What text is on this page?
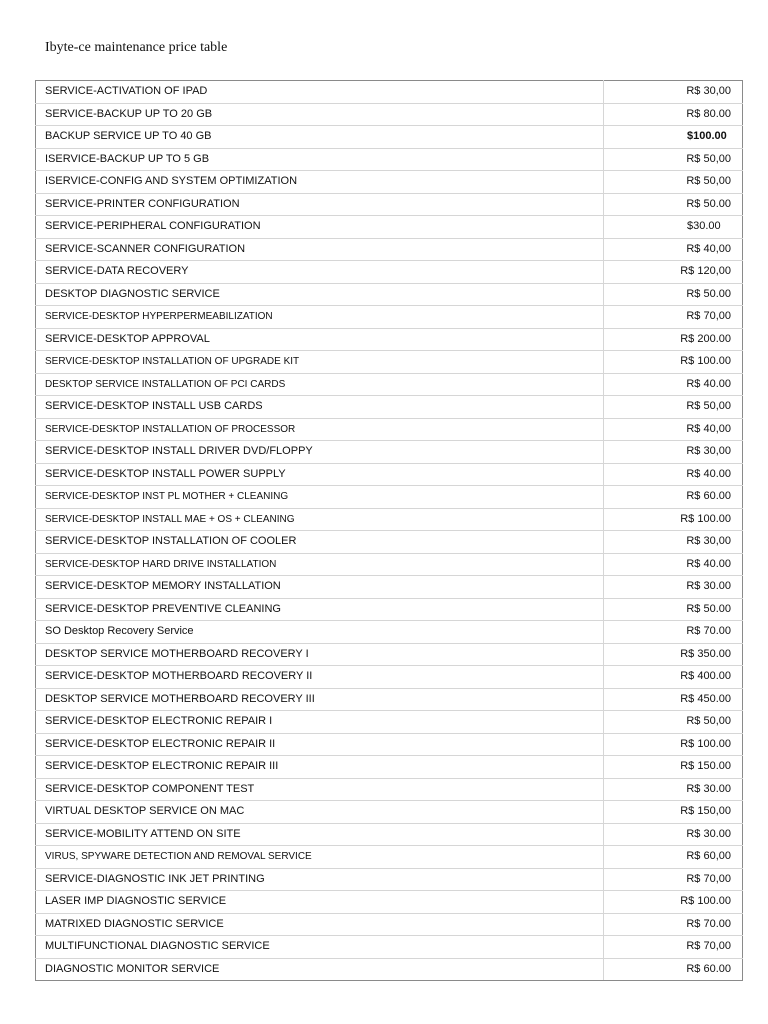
Ibyte-ce maintenance price table
SERVICE-ACTIVATION OF IPAD	R$ 30,00
SERVICE-BACKUP UP TO 20 GB	R$ 80.00
BACKUP SERVICE UP TO 40 GB	$100.00
ISERVICE-BACKUP UP TO 5 GB	R$ 50,00
ISERVICE-CONFIG AND SYSTEM OPTIMIZATION	R$ 50,00
SERVICE-PRINTER CONFIGURATION	R$ 50.00
SERVICE-PERIPHERAL CONFIGURATION	$30.00
SERVICE-SCANNER CONFIGURATION	R$ 40,00
SERVICE-DATA RECOVERY	R$ 120,00
DESKTOP DIAGNOSTIC SERVICE	R$ 50.00
SERVICE-DESKTOP HYPERPERMEABILIZATION	R$ 70,00
SERVICE-DESKTOP APPROVAL	R$ 200.00
SERVICE-DESKTOP INSTALLATION OF UPGRADE KIT	R$ 100.00
DESKTOP SERVICE INSTALLATION OF PCI CARDS	R$ 40.00
SERVICE-DESKTOP INSTALL USB CARDS	R$ 50,00
SERVICE-DESKTOP INSTALLATION OF PROCESSOR	R$ 40,00
SERVICE-DESKTOP INSTALL DRIVER DVD/FLOPPY	R$ 30,00
SERVICE-DESKTOP INSTALL POWER SUPPLY	R$ 40.00
SERVICE-DESKTOP INST PL MOTHER + CLEANING	R$ 60.00
SERVICE-DESKTOP INSTALL MAE + OS + CLEANING	R$ 100.00
SERVICE-DESKTOP INSTALLATION OF COOLER	R$ 30,00
SERVICE-DESKTOP HARD DRIVE INSTALLATION	R$ 40.00
SERVICE-DESKTOP MEMORY INSTALLATION	R$ 30.00
SERVICE-DESKTOP PREVENTIVE CLEANING	R$ 50.00
SO Desktop Recovery Service	R$ 70.00
DESKTOP SERVICE MOTHERBOARD RECOVERY I	R$ 350.00
SERVICE-DESKTOP MOTHERBOARD RECOVERY II	R$ 400.00
DESKTOP SERVICE MOTHERBOARD RECOVERY III	R$ 450.00
SERVICE-DESKTOP ELECTRONIC REPAIR I	R$ 50,00
SERVICE-DESKTOP ELECTRONIC REPAIR II	R$ 100.00
SERVICE-DESKTOP ELECTRONIC REPAIR III	R$ 150.00
SERVICE-DESKTOP COMPONENT TEST	R$ 30.00
VIRTUAL DESKTOP SERVICE ON MAC	R$ 150,00
SERVICE-MOBILITY ATTEND ON SITE	R$ 30.00
VIRUS, SPYWARE DETECTION AND REMOVAL SERVICE	R$ 60,00
SERVICE-DIAGNOSTIC INK JET PRINTING	R$ 70,00
LASER IMP DIAGNOSTIC SERVICE	R$ 100.00
MATRIXED DIAGNOSTIC SERVICE	R$ 70.00
MULTIFUNCTIONAL DIAGNOSTIC SERVICE	R$ 70,00
DIAGNOSTIC MONITOR SERVICE	R$ 60.00
